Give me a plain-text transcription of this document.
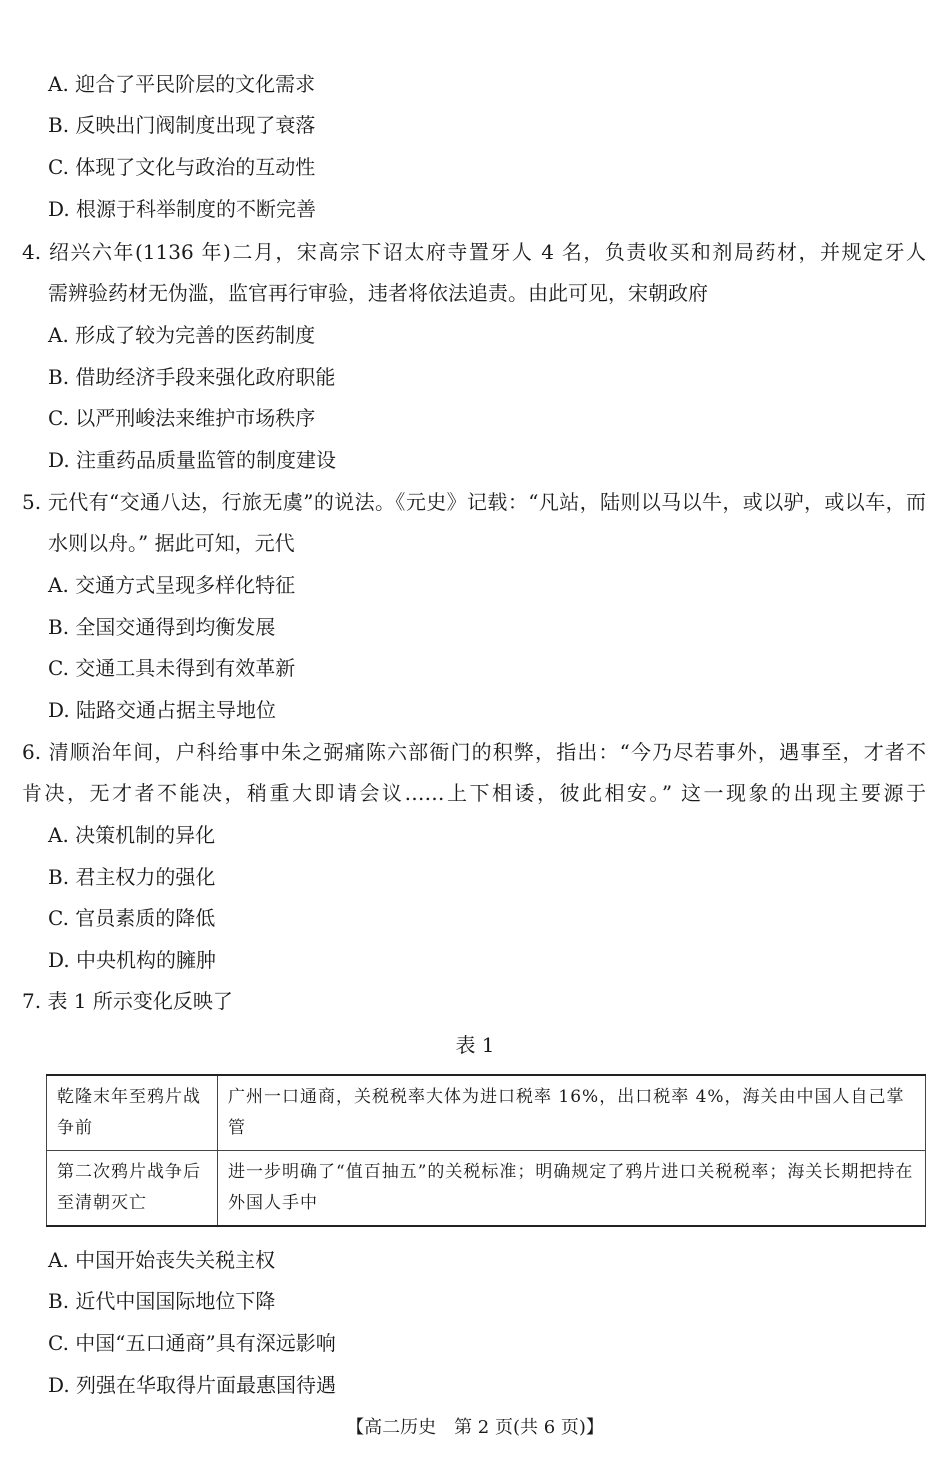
A. 迎合了平民阶层的文化需求
B. 反映出门阀制度出现了衰落
C. 体现了文化与政治的互动性
D. 根源于科举制度的不断完善
4. 绍兴六年(1136 年)二月，宋高宗下诏太府寺置牙人 4 名，负责收买和剂局药材，并规定牙人
需辨验药材无伪滥，监官再行审验，违者将依法追责。由此可见，宋朝政府
A. 形成了较为完善的医药制度
B. 借助经济手段来强化政府职能
C. 以严刑峻法来维护市场秩序
D. 注重药品质量监管的制度建设
5. 元代有“交通八达，行旅无虞”的说法。《元史》记载：“凡站，陆则以马以牛，或以驴，或以车，而
水则以舟。” 据此可知，元代
A. 交通方式呈现多样化特征
B. 全国交通得到均衡发展
C. 交通工具未得到有效革新
D. 陆路交通占据主导地位
6. 清顺治年间，户科给事中朱之弼痛陈六部衙门的积弊，指出：“今乃尽若事外，遇事至，才者不
肯决，无才者不能决，稍重大即请会议……上下相诿，彼此相安。” 这一现象的出现主要源于
A. 决策机制的异化
B. 君主权力的强化
C. 官员素质的降低
D. 中央机构的臃肿
7. 表 1 所示变化反映了
表 1
乾隆末年至鸦片战争前	广州一口通商，关税税率大体为进口税率 16%，出口税率 4%，海关由中国人自己掌管
第二次鸦片战争后至清朝灭亡	进一步明确了“值百抽五”的关税标准；明确规定了鸦片进口关税税率；海关长期把持在外国人手中
A. 中国开始丧失关税主权
B. 近代中国国际地位下降
C. 中国“五口通商”具有深远影响
D. 列强在华取得片面最惠国待遇
【高二历史　第 2 页(共 6 页)】
